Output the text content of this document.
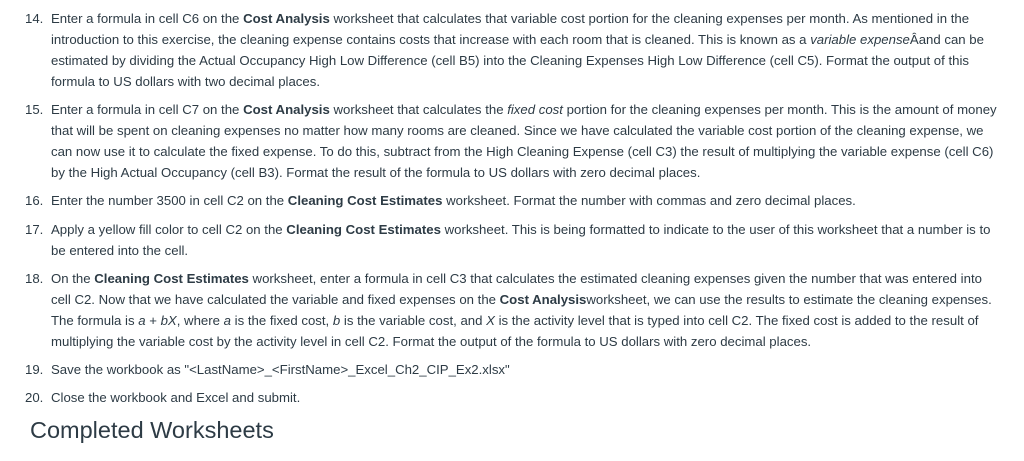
14. Enter a formula in cell C6 on the Cost Analysis worksheet that calculates that variable cost portion for the cleaning expenses per month. As mentioned in the introduction to this exercise, the cleaning expense contains costs that increase with each room that is cleaned. This is known as a variable expenseÂand can be estimated by dividing the Actual Occupancy High Low Difference (cell B5) into the Cleaning Expenses High Low Difference (cell C5). Format the output of this formula to US dollars with two decimal places.
15. Enter a formula in cell C7 on the Cost Analysis worksheet that calculates the fixed cost portion for the cleaning expenses per month. This is the amount of money that will be spent on cleaning expenses no matter how many rooms are cleaned. Since we have calculated the variable cost portion of the cleaning expense, we can now use it to calculate the fixed expense. To do this, subtract from the High Cleaning Expense (cell C3) the result of multiplying the variable expense (cell C6) by the High Actual Occupancy (cell B3). Format the result of the formula to US dollars with zero decimal places.
16. Enter the number 3500 in cell C2 on the Cleaning Cost Estimates worksheet. Format the number with commas and zero decimal places.
17. Apply a yellow fill color to cell C2 on the Cleaning Cost Estimates worksheet. This is being formatted to indicate to the user of this worksheet that a number is to be entered into the cell.
18. On the Cleaning Cost Estimates worksheet, enter a formula in cell C3 that calculates the estimated cleaning expenses given the number that was entered into cell C2. Now that we have calculated the variable and fixed expenses on the Cost Analysisworksheet, we can use the results to estimate the cleaning expenses. The formula is a + bX, where a is the fixed cost, b is the variable cost, and X is the activity level that is typed into cell C2. The fixed cost is added to the result of multiplying the variable cost by the activity level in cell C2. Format the output of the formula to US dollars with zero decimal places.
19. Save the workbook as "<LastName>_<FirstName>_Excel_Ch2_CIP_Ex2.xlsx"
20. Close the workbook and Excel and submit.
Completed Worksheets
